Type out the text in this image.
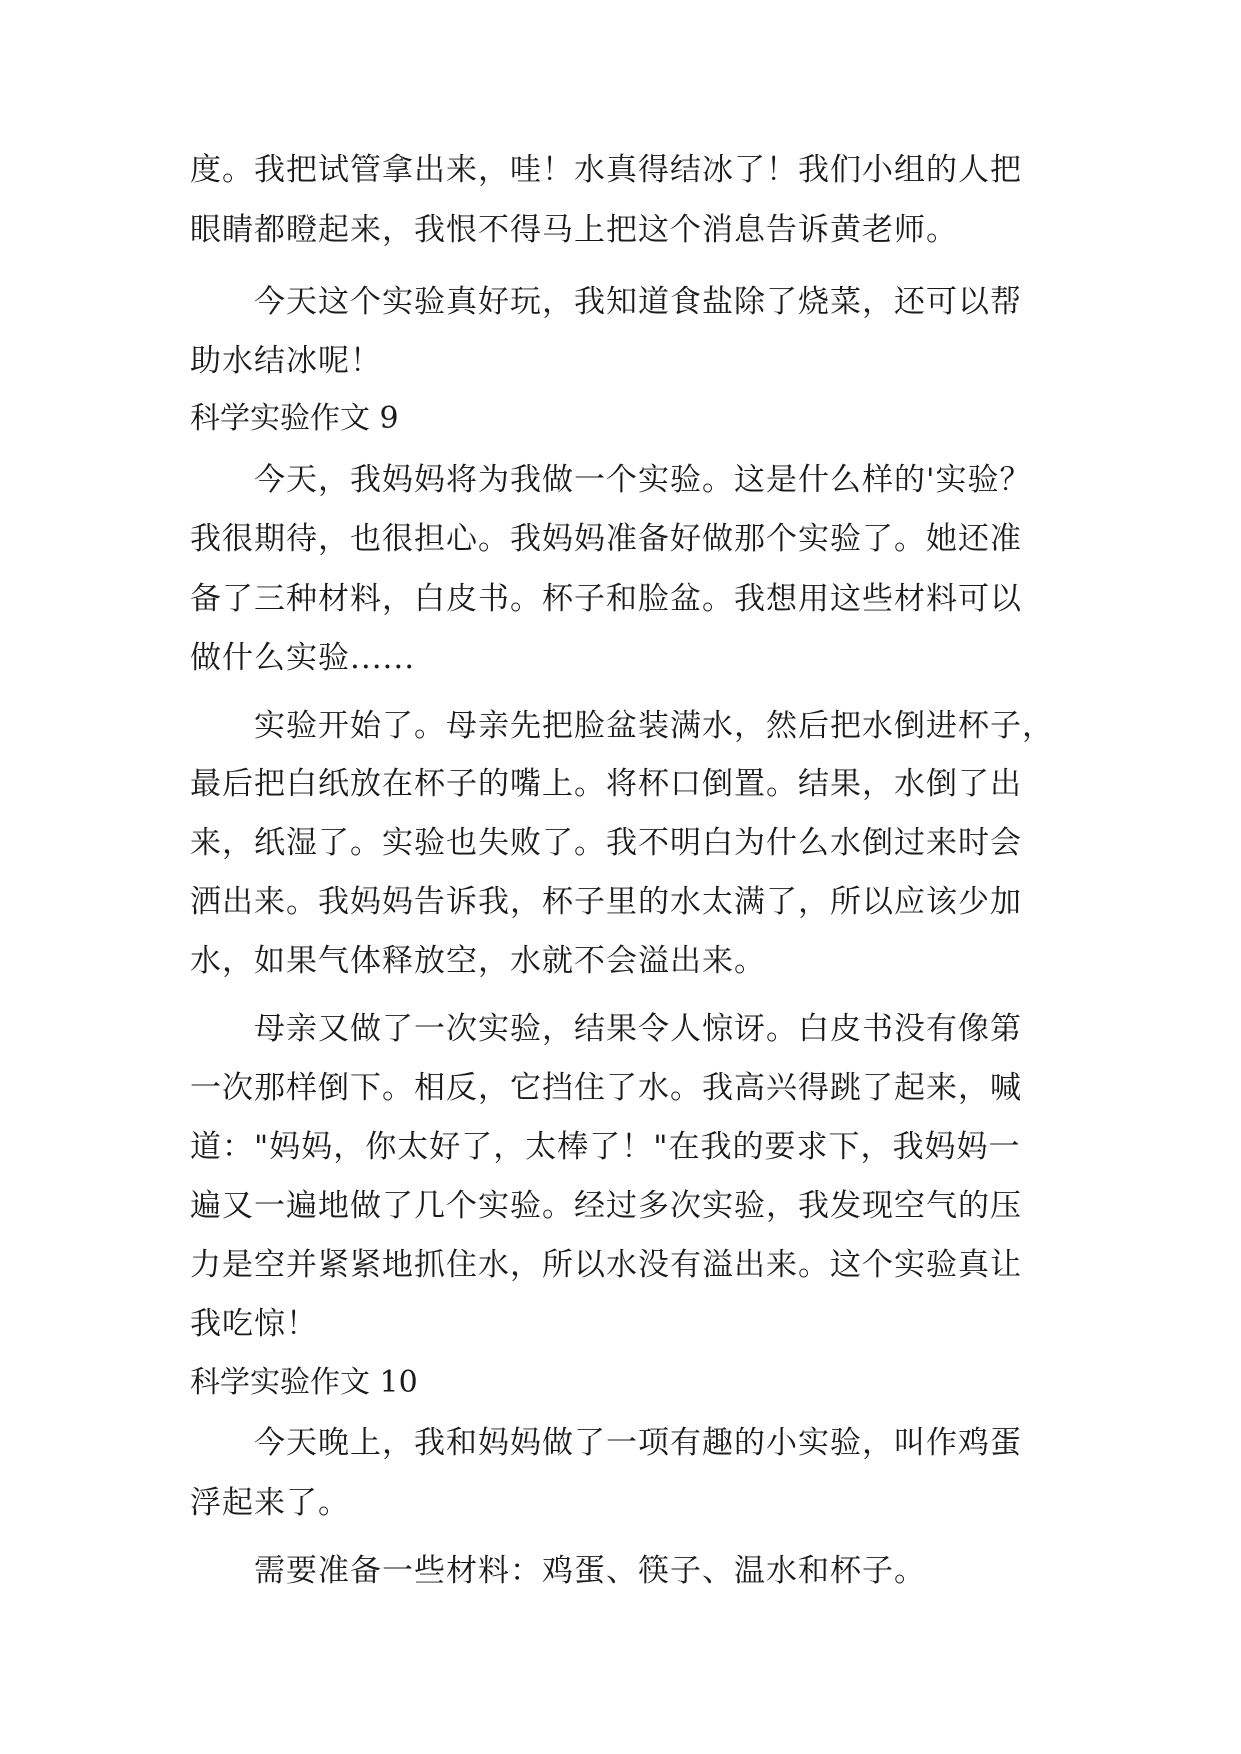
度。我把试管拿出来，哇！水真得结冰了！我们小组的人把
眼睛都瞪起来，我恨不得马上把这个消息告诉黄老师。
　　今天这个实验真好玩，我知道食盐除了烧菜，还可以帮
助水结冰呢！
科学实验作文 9
　　今天，我妈妈将为我做一个实验。这是什么样的'实验？
我很期待，也很担心。我妈妈准备好做那个实验了。她还准
备了三种材料，白皮书。杯子和脸盆。我想用这些材料可以
做什么实验......
　　实验开始了。母亲先把脸盆装满水，然后把水倒进杯子，
最后把白纸放在杯子的嘴上。将杯口倒置。结果，水倒了出
来，纸湿了。实验也失败了。我不明白为什么水倒过来时会
洒出来。我妈妈告诉我，杯子里的水太满了，所以应该少加
水，如果气体释放空，水就不会溢出来。
　　母亲又做了一次实验，结果令人惊讶。白皮书没有像第
一次那样倒下。相反，它挡住了水。我高兴得跳了起来，喊
道："妈妈，你太好了，太棒了！"在我的要求下，我妈妈一
遍又一遍地做了几个实验。经过多次实验，我发现空气的压
力是空并紧紧地抓住水，所以水没有溢出来。这个实验真让
我吃惊！
科学实验作文 10
　　今天晚上，我和妈妈做了一项有趣的小实验，叫作鸡蛋
浮起来了。
　　需要准备一些材料：鸡蛋、筷子、温水和杯子。
